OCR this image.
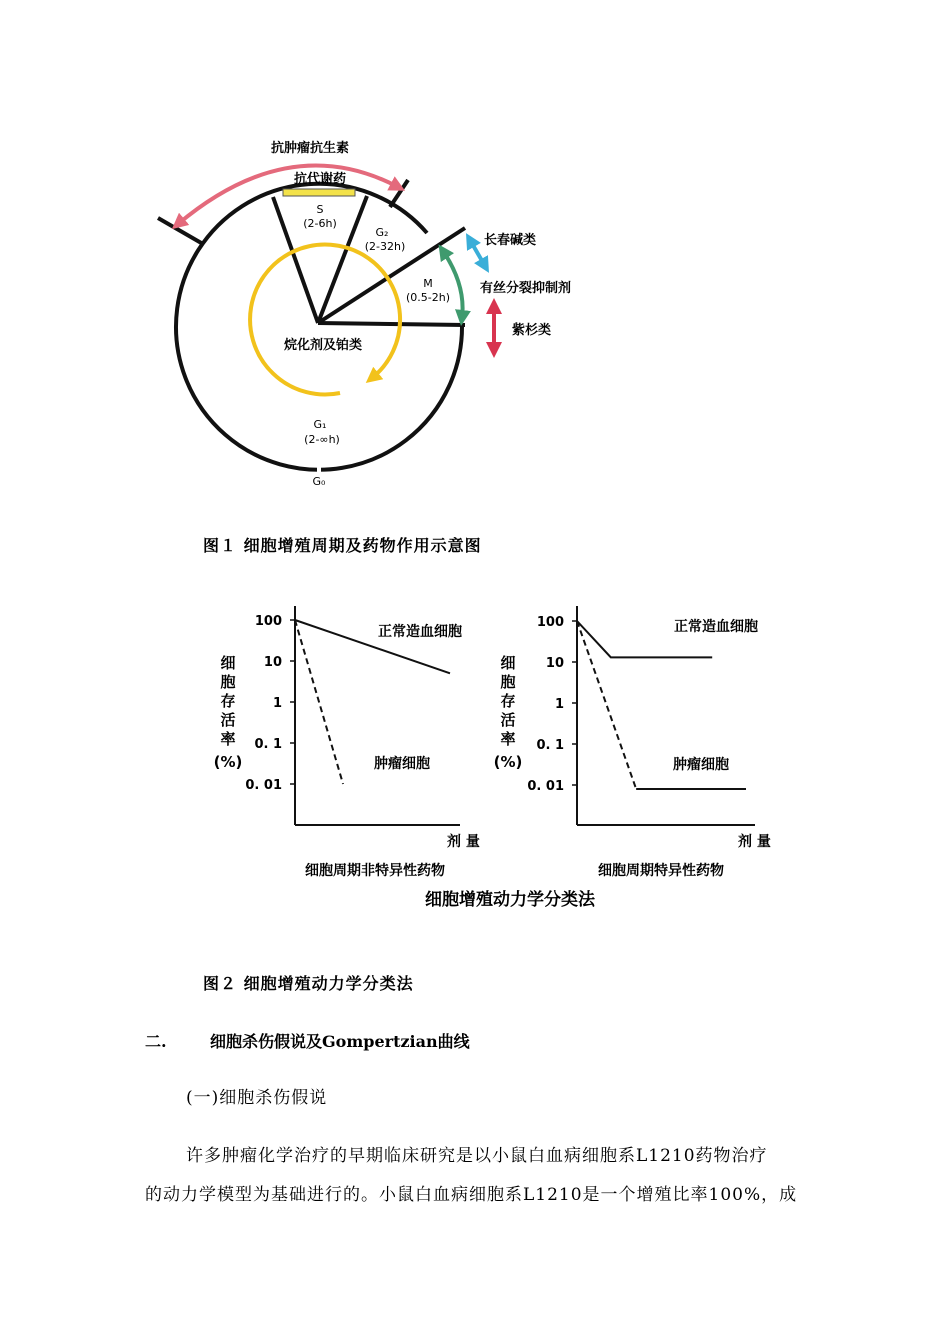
抗肿瘤抗生素
抗代谢药
S
(2-6h)
G₂
(2-32h)
M
(0.5-2h)
G₁
(2-∞h)
G₀
烷化剂及铂类
长春碱类
有丝分裂抑制剂
紫杉类
图１ 细胞增殖周期及药物作用示意图
100
10
1
0. 1
0. 01
细胞存活率(%)
正常造血细胞
肿瘤细胞
剂 量
细胞周期非特异性药物
100
10
1
0. 1
0. 01
细胞存活率(%)
正常造血细胞
肿瘤细胞
剂 量
细胞周期特异性药物
细胞增殖动力学分类法
图２ 细胞增殖动力学分类法
二.	细胞杀伤假说及Gompertzian曲线
(一)细胞杀伤假说
许多肿瘤化学治疗的早期临床研究是以小鼠白血病细胞系L1210药物治疗
的动力学模型为基础进行的。小鼠白血病细胞系L1210是一个增殖比率100%，成
